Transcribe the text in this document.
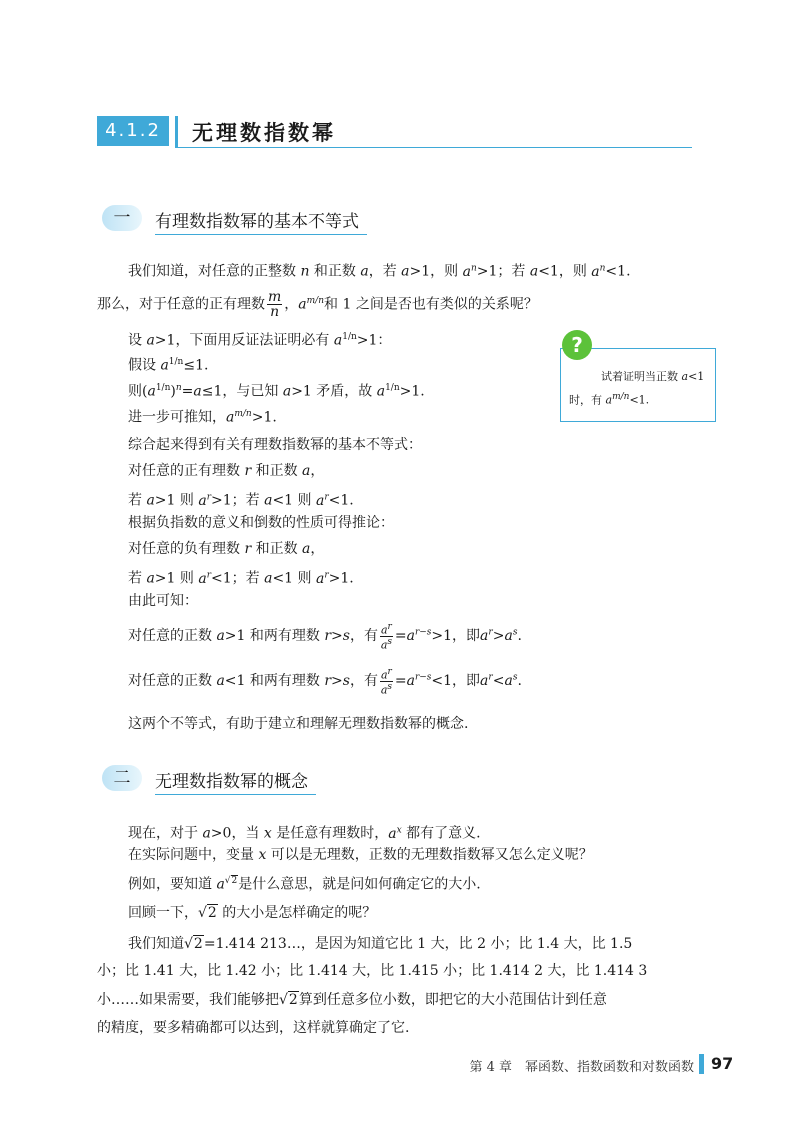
4.1.2	无理数指数幂
一	有理数指数幂的基本不等式
我们知道，对任意的正整数 n 和正数 a，若 a>1，则 $a^n>1$；若 a<1，则 $a^n<1$.
那么，对于任意的正有理数 $\frac{m}{n}$ ，$a^{m/n}$和 1 之间是否也有类似的关系呢？
设 a>1，下面用反证法证明必有 $a^{1/n}>1$：
假设 $a^{1/n}\le 1$.
则$(a^{1/n})^n=a\le 1$，与已知 a>1 矛盾，故 $a^{1/n}>1$.
进一步可推知，$a^{m/n}>1$.
综合起来得到有关有理数指数幂的基本不等式：
对任意的正有理数 r 和正数 a，
若 a>1 则 $a^r>1$；若 a<1 则 $a^r<1$.
根据负指数的意义和倒数的性质可得推论：
对任意的负有理数 r 和正数 a，
若 a>1 则 $a^r<1$；若 a<1 则 $a^r>1$.
由此可知：
对任意的正数 a>1 和两有理数 r>s，有 $\frac{a^r}{a^s} =a^{r-s}>1$，即$a^r>a^s$.
对任意的正数 a<1 和两有理数 r>s，有 $\frac{a^r}{a^s} =a^{r-s}<1$，即$a^r<a^s$.
这两个不等式，有助于建立和理解无理数指数幂的概念.
试着证明当正数 a<1
时，有 $a^{m/n}<1$.
?
二	无理数指数幂的概念
现在，对于 a>0，当 x 是任意有理数时，$a^x$ 都有了意义.
在实际问题中，变量 x 可以是无理数，正数的无理数指数幂又怎么定义呢？
例如，要知道 $a^{√2}$是什么意思，就是问如何确定它的大小.
回顾一下，√2 的大小是怎样确定的呢？
我们知道√2=1.414 213…，是因为知道它比 1 大，比 2 小；比 1.4 大，比 1.5
小；比 1.41 大，比 1.42 小；比 1.414 大，比 1.415 小；比 1.414 2 大，比 1.414 3
小……如果需要，我们能够把√2算到任意多位小数，即把它的大小范围估计到任意
的精度，要多精确都可以达到，这样就算确定了它.
第 4 章　幂函数、指数函数和对数函数 97
